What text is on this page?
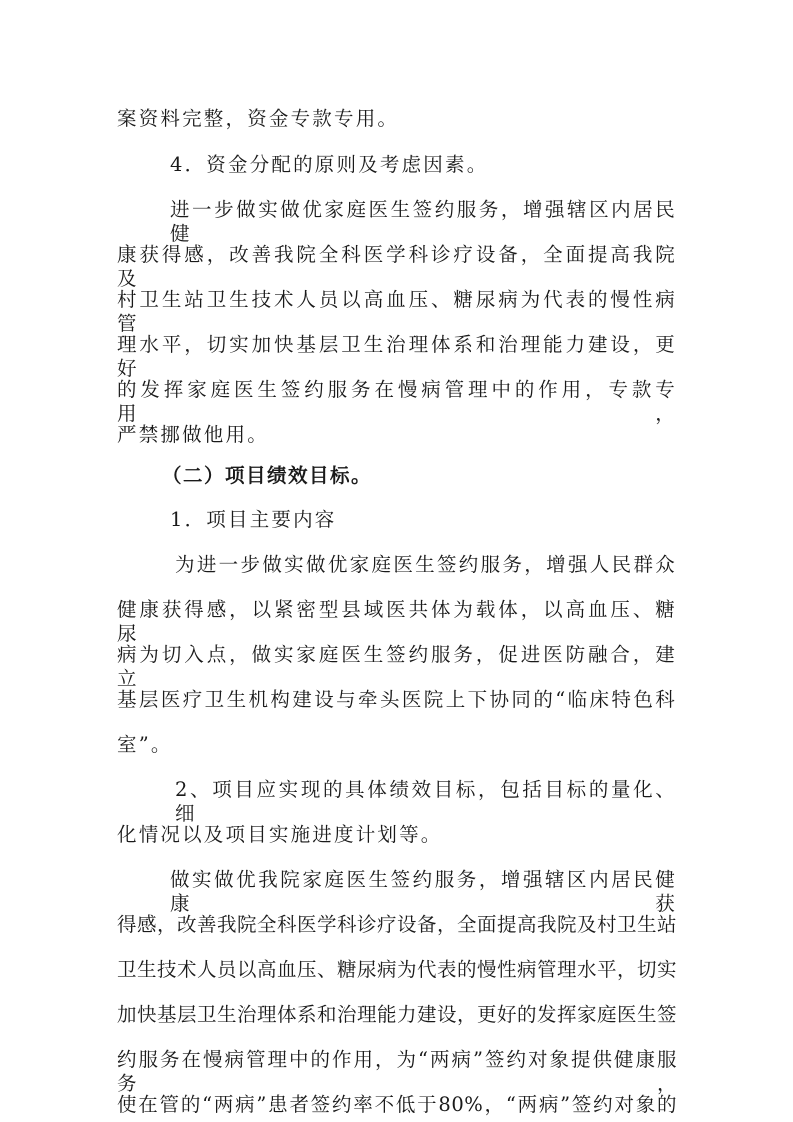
案资料完整，资金专款专用。
4．资金分配的原则及考虑因素。
进一步做实做优家庭医生签约服务，增强辖区内居民健
康获得感，改善我院全科医学科诊疗设备，全面提高我院及
村卫生站卫生技术人员以高血压、糖尿病为代表的慢性病管
理水平，切实加快基层卫生治理体系和治理能力建设，更好
的发挥家庭医生签约服务在慢病管理中的作用，专款专用，
严禁挪做他用。
（二）项目绩效目标。
1．项目主要内容
为进一步做实做优家庭医生签约服务，增强人民群众
健康获得感，以紧密型县域医共体为载体，以高血压、糖尿
病为切入点，做实家庭医生签约服务，促进医防融合，建立
基层医疗卫生机构建设与牵头医院上下协同的“临床特色科
室”。
2、项目应实现的具体绩效目标，包括目标的量化、细
化情况以及项目实施进度计划等。
做实做优我院家庭医生签约服务，增强辖区内居民健康获
得感，改善我院全科医学科诊疗设备，全面提高我院及村卫生站
卫生技术人员以高血压、糖尿病为代表的慢性病管理水平，切实
加快基层卫生治理体系和治理能力建设，更好的发挥家庭医生签
约服务在慢病管理中的作用，为“两病”签约对象提供健康服务，
使在管的“两病”患者签约率不低于80%，“两病”签约对象的
